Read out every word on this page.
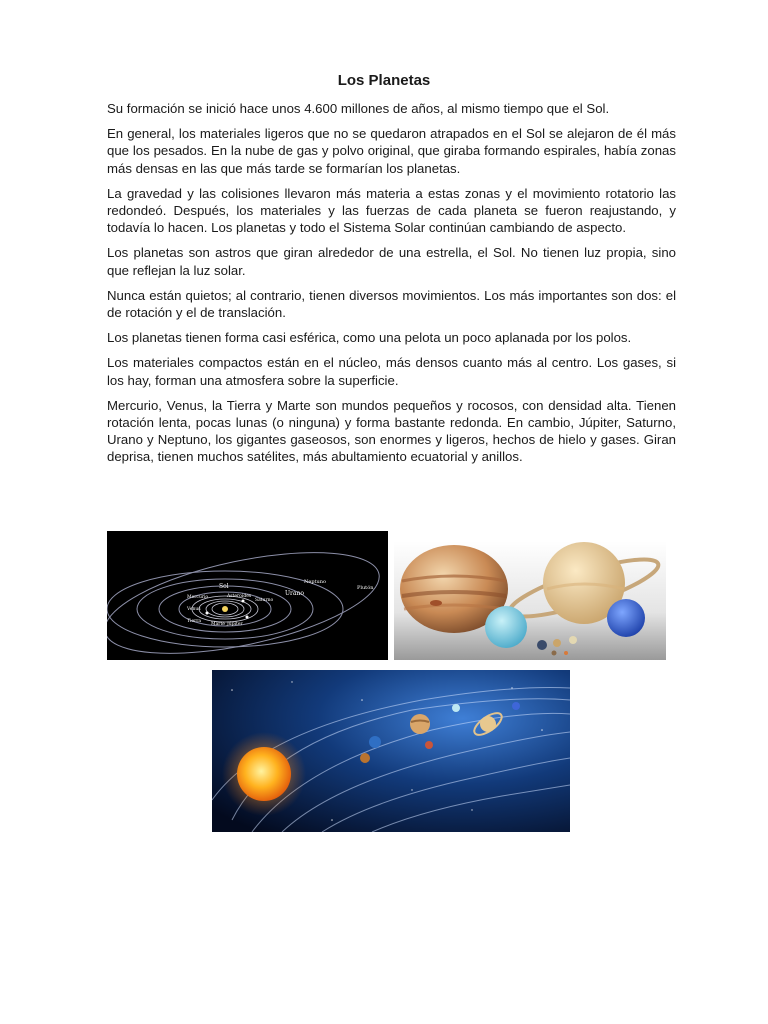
Los Planetas

Su formación se inició hace unos 4.600 millones de años, al mismo tiempo que el Sol.

En general, los materiales ligeros que no se quedaron atrapados en el Sol se alejaron de él más que los pesados. En la nube de gas y polvo original, que giraba formando espirales, había zonas más densas en las que más tarde se formarían los planetas.

La gravedad y las colisiones llevaron más materia a estas zonas y el movimiento rotatorio las redondeó. Después, los materiales y las fuerzas de cada planeta se fueron reajustando, y todavía lo hacen. Los planetas y todo el Sistema Solar continúan cambiando de aspecto.

Los planetas son astros que giran alrededor de una estrella, el Sol. No tienen luz propia, sino que reflejan la luz solar.

Nunca están quietos; al contrario, tienen diversos movimientos. Los más importantes son dos: el de rotación y el de translación.

Los planetas tienen forma casi esférica, como una pelota un poco aplanada por los polos.

Los materiales compactos están en el núcleo, más densos cuanto más al centro. Los gases, si los hay, forman una atmosfera sobre la superficie.

Mercurio, Venus, la Tierra y Marte son mundos pequeños y rocosos, con densidad alta. Tienen rotación lenta, pocas lunas (o ninguna) y forma bastante redonda. En cambio, Júpiter, Saturno, Urano y Neptuno, los gigantes gaseosos, son enormes y ligeros, hechos de hielo y gases. Giran deprisa, tienen muchos satélites, más abultamiento ecuatorial y anillos.

Sol
Neptuno
Plutón
Urano
Mercurio	Asteroides
Saturno
Venus
Tierra
Marte Júpiter
